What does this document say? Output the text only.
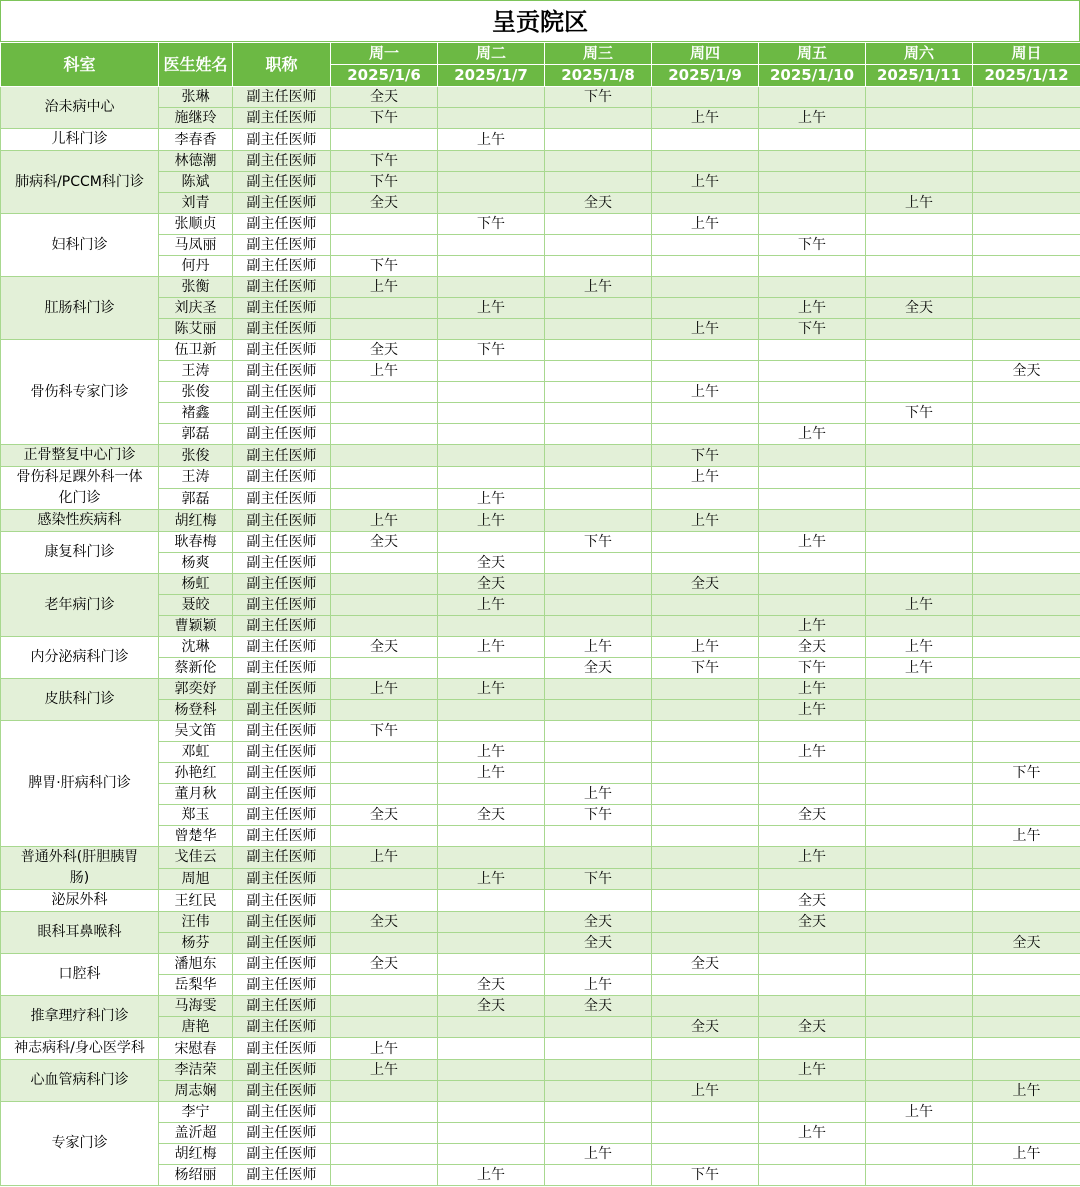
呈贡院区
科室	医生姓名	职称	周一	周二	周三	周四	周五	周六	周日
			2025/1/6	2025/1/7	2025/1/8	2025/1/9	2025/1/10	2025/1/11	2025/1/12
治未病中心	张琳	副主任医师	全天		下午				
	施继玲	副主任医师	下午			上午	上午		
儿科门诊	李春香	副主任医师		上午					
肺病科/PCCM科门诊	林德潮	副主任医师	下午						
	陈斌	副主任医师	下午			上午			
	刘青	副主任医师	全天		全天			上午	
妇科门诊	张顺贞	副主任医师		下午		上午			
	马凤丽	副主任医师					下午		
	何丹	副主任医师	下午						
肛肠科门诊	张衡	副主任医师	上午		上午				
	刘庆圣	副主任医师		上午			上午	全天	
	陈艾丽	副主任医师				上午	下午		
骨伤科专家门诊	伍卫新	副主任医师	全天	下午					
	王涛	副主任医师	上午						全天
	张俊	副主任医师				上午			
	褚鑫	副主任医师						下午	
	郭磊	副主任医师					上午		
正骨整复中心门诊	张俊	副主任医师				下午			
骨伤科足踝外科一体化门诊	王涛	副主任医师				上午			
	郭磊	副主任医师		上午					
感染性疾病科	胡红梅	副主任医师	上午	上午		上午			
康复科门诊	耿春梅	副主任医师	全天		下午		上午		
	杨爽	副主任医师		全天					
老年病门诊	杨虹	副主任医师		全天		全天			
	聂皎	副主任医师		上午				上午	
	曹颖颖	副主任医师					上午		
内分泌病科门诊	沈琳	副主任医师	全天	上午	上午	上午	全天	上午	
	蔡新伦	副主任医师			全天	下午	下午	上午	
皮肤科门诊	郭奕妤	副主任医师	上午	上午			上午		
	杨登科	副主任医师					上午		
脾胃·肝病科门诊	吴文笛	副主任医师	下午						
	邓虹	副主任医师		上午			上午		
	孙艳红	副主任医师		上午					下午
	董月秋	副主任医师			上午				
	郑玉	副主任医师	全天	全天	下午		全天		
	曾楚华	副主任医师							上午
普通外科(肝胆胰胃肠)	戈佳云	副主任医师	上午				上午		
	周旭	副主任医师		上午	下午				
泌尿外科	王红民	副主任医师					全天		
眼科耳鼻喉科	汪伟	副主任医师	全天		全天		全天		
	杨芬	副主任医师			全天				全天
口腔科	潘旭东	副主任医师	全天			全天			
	岳梨华	副主任医师		全天	上午				
推拿理疗科门诊	马海雯	副主任医师		全天	全天				
	唐艳	副主任医师				全天	全天		
神志病科/身心医学科	宋慰春	副主任医师	上午						
心血管病科门诊	李洁荣	副主任医师	上午				上午		
	周志娴	副主任医师				上午			上午
专家门诊	李宁	副主任医师						上午	
	盖沂超	副主任医师					上午		
	胡红梅	副主任医师			上午				上午
	杨绍丽	副主任医师		上午		下午			
